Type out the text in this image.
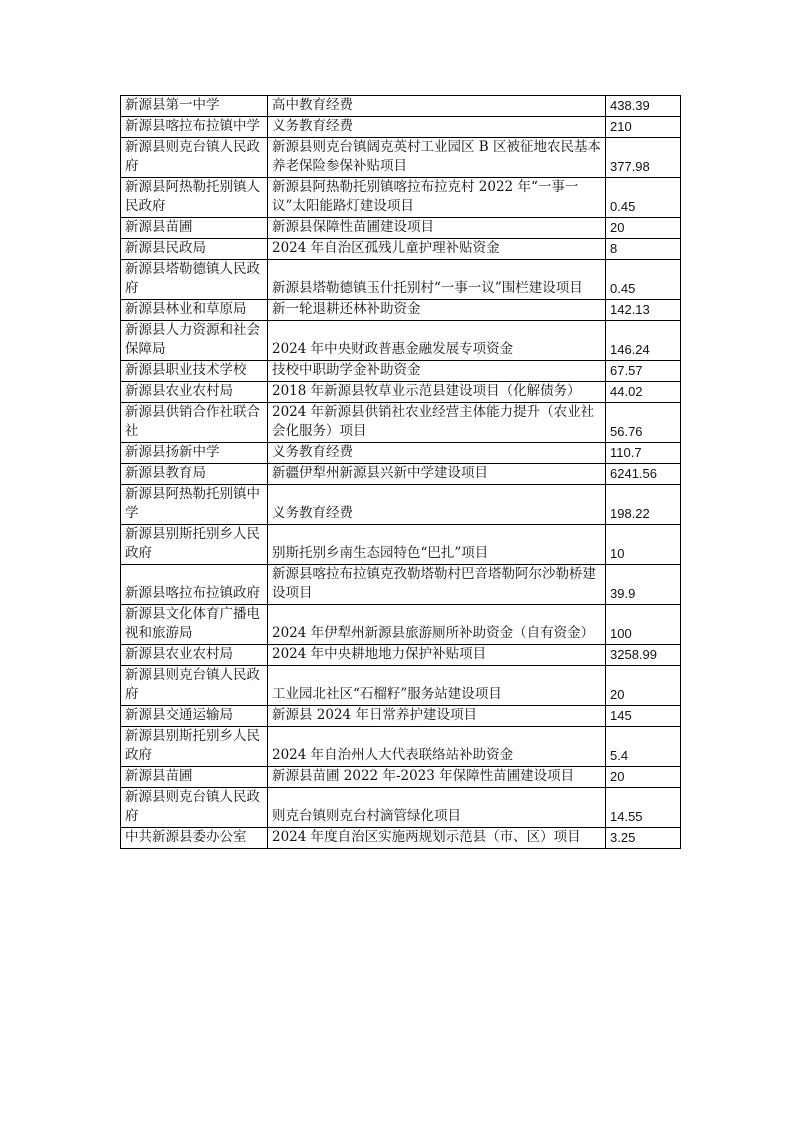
新源县第一中学	高中教育经费	438.39
新源县喀拉布拉镇中学	义务教育经费	210
新源县则克台镇人民政府	新源县则克台镇阔克英村工业园区 B 区被征地农民基本养老保险参保补贴项目	377.98
新源县阿热勒托别镇人民政府	新源县阿热勒托别镇喀拉布拉克村 2022 年“一事一议”太阳能路灯建设项目	0.45
新源县苗圃	新源县保障性苗圃建设项目	20
新源县民政局	2024 年自治区孤残儿童护理补贴资金	8
新源县塔勒德镇人民政府	新源县塔勒德镇玉什托别村“一事一议”围栏建设项目	0.45
新源县林业和草原局	新一轮退耕还林补助资金	142.13
新源县人力资源和社会保障局	2024 年中央财政普惠金融发展专项资金	146.24
新源县职业技术学校	技校中职助学金补助资金	67.57
新源县农业农村局	2018 年新源县牧草业示范县建设项目（化解债务）	44.02
新源县供销合作社联合社	2024 年新源县供销社农业经营主体能力提升（农业社会化服务）项目	56.76
新源县扬新中学	义务教育经费	110.7
新源县教育局	新疆伊犁州新源县兴新中学建设项目	6241.56
新源县阿热勒托别镇中学	义务教育经费	198.22
新源县别斯托别乡人民政府	别斯托别乡南生态园特色“巴扎”项目	10
新源县喀拉布拉镇政府	新源县喀拉布拉镇克孜勒塔勒村巴音塔勒阿尔沙勒桥建设项目	39.9
新源县文化体育广播电视和旅游局	2024 年伊犁州新源县旅游厕所补助资金（自有资金）	100
新源县农业农村局	2024 年中央耕地地力保护补贴项目	3258.99
新源县则克台镇人民政府	工业园北社区“石榴籽”服务站建设项目	20
新源县交通运输局	新源县 2024 年日常养护建设项目	145
新源县别斯托别乡人民政府	2024 年自治州人大代表联络站补助资金	5.4
新源县苗圃	新源县苗圃 2022 年-2023 年保障性苗圃建设项目	20
新源县则克台镇人民政府	则克台镇则克台村滴管绿化项目	14.55
中共新源县委办公室	2024 年度自治区实施两规划示范县（市、区）项目	3.25
